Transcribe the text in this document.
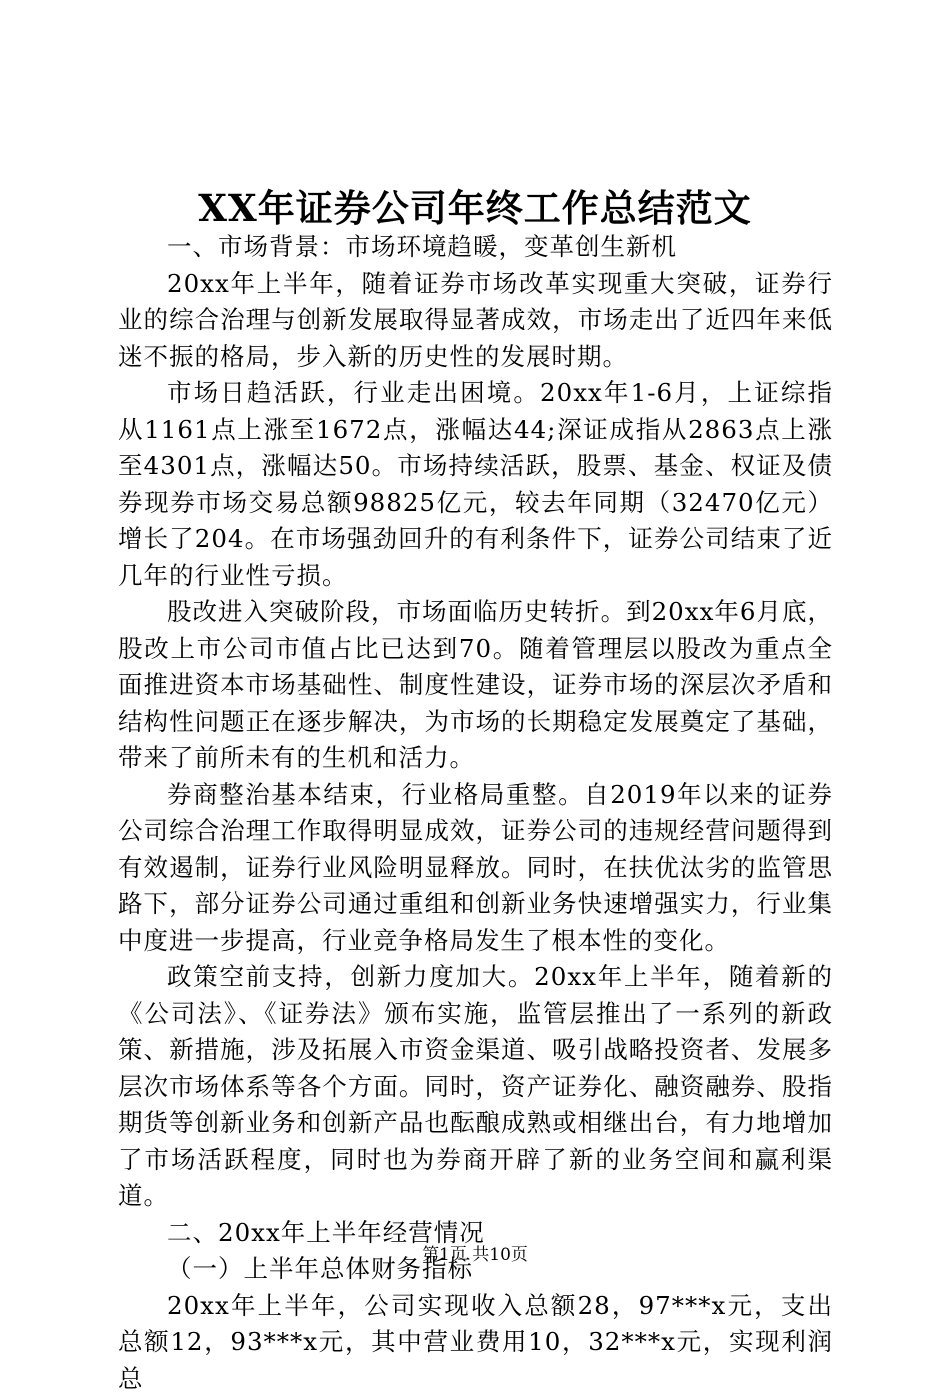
XX年证券公司年终工作总结范文

一、市场背景：市场环境趋暖，变革创生新机

20xx年上半年，随着证券市场改革实现重大突破，证券行业的综合治理与创新发展取得显著成效，市场走出了近四年来低迷不振的格局，步入新的历史性的发展时期。

市场日趋活跃，行业走出困境。20xx年1-6月，上证综指从1161点上涨至1672点，涨幅达44;深证成指从2863点上涨至4301点，涨幅达50。市场持续活跃，股票、基金、权证及债券现券市场交易总额98825亿元，较去年同期（32470亿元）增长了204。在市场强劲回升的有利条件下，证券公司结束了近几年的行业性亏损。

股改进入突破阶段，市场面临历史转折。到20xx年6月底，股改上市公司市值占比已达到70。随着管理层以股改为重点全面推进资本市场基础性、制度性建设，证券市场的深层次矛盾和结构性问题正在逐步解决，为市场的长期稳定发展奠定了基础，带来了前所未有的生机和活力。

券商整治基本结束，行业格局重整。自2019年以来的证券公司综合治理工作取得明显成效，证券公司的违规经营问题得到有效遏制，证券行业风险明显释放。同时，在扶优汰劣的监管思路下，部分证券公司通过重组和创新业务快速增强实力，行业集中度进一步提高，行业竞争格局发生了根本性的变化。

政策空前支持，创新力度加大。20xx年上半年，随着新的《公司法》、《证券法》颁布实施，监管层推出了一系列的新政策、新措施，涉及拓展入市资金渠道、吸引战略投资者、发展多层次市场体系等各个方面。同时，资产证券化、融资融券、股指期货等创新业务和创新产品也酝酿成熟或相继出台，有力地增加了市场活跃程度，同时也为券商开辟了新的业务空间和赢利渠道。

二、20xx年上半年经营情况

（一）上半年总体财务指标

20xx年上半年，公司实现收入总额28，97***x元，支出总额12，93***x元，其中营业费用10，32***x元，实现利润总

第1页 共10页
